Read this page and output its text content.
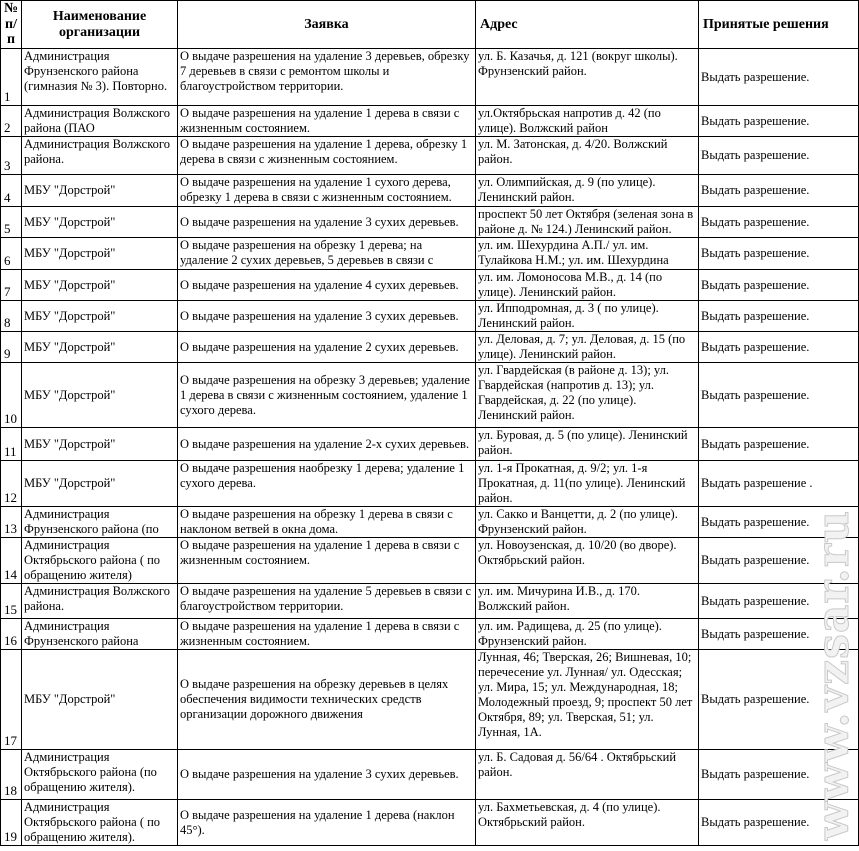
№ п/п	Наименование организации	Заявка	Адрес	Принятые решения
1	Администрация Фрунзенского района (гимназия № 3). Повторно.	О выдаче разрешения на удаление 3 деревьев, обрезку 7 деревьев в связи с ремонтом школы и благоустройством территории.	ул. Б. Казачья, д. 121 (вокруг школы). Фрунзенский район.	Выдать разрешение.
2	Администрация Волжского района (ПАО	О выдаче разрешения на удаление 1 дерева в связи с жизненным состоянием.	ул.Октябрьская напротив д. 42 (по улице). Волжский район	Выдать разрешение.
3	Администрация Волжского района.	О выдаче разрешения на удаление 1 дерева, обрезку 1 дерева в связи с жизненным состоянием.	ул. М. Затонская, д. 4/20. Волжский район.	Выдать разрешение.
4	МБУ "Дорстрой"	О выдаче разрешения на удаление 1 сухого дерева, обрезку 1 дерева в связи с жизненным состоянием.	ул. Олимпийская, д. 9 (по улице). Ленинский район.	Выдать разрешение.
5	МБУ "Дорстрой"	О выдаче разрешения на удаление 3 сухих деревьев.	проспект 50 лет Октября (зеленая зона в районе д. № 124.) Ленинский район.	Выдать разрешение.
6	МБУ "Дорстрой"	О выдаче разрешения на обрезку 1 дерева; на удаление 2 сухих деревьев, 5 деревьев в связи с	ул. им. Шехурдина А.П./ ул. им. Тулайкова Н.М.; ул. им. Шехурдина	Выдать разрешение.
7	МБУ "Дорстрой"	О выдаче разрешения на удаление 4 сухих деревьев.	ул. им. Ломоносова М.В., д. 14 (по улице). Ленинский район.	Выдать разрешение.
8	МБУ "Дорстрой"	О выдаче разрешения на удаление 3 сухих деревьев.	ул. Ипподромная, д. 3 ( по улице). Ленинский район.	Выдать разрешение.
9	МБУ "Дорстрой"	О выдаче разрешения на удаление 2 сухих деревьев.	ул. Деловая, д. 7; ул. Деловая, д. 15 (по улице). Ленинский район.	Выдать разрешение.
10	МБУ "Дорстрой"	О выдаче разрешения на обрезку 3 деревьев; удаление 1 дерева в связи с жизненным состоянием, удаление 1 сухого дерева.	ул. Гвардейская (в районе д. 13); ул. Гвардейская (напротив д. 13); ул. Гвардейская, д. 22 (по улице). Ленинский район.	Выдать разрешение.
11	МБУ "Дорстрой"	О выдаче разрешения на удаление 2-х сухих деревьев.	ул. Буровая, д. 5 (по улице). Ленинский район.	Выдать разрешение.
12	МБУ "Дорстрой"	О выдаче разрешения наобрезку 1 дерева; удаление 1 сухого дерева.	ул. 1-я Прокатная, д. 9/2; ул. 1-я Прокатная, д. 11(по улице). Ленинский район.	Выдать разрешение .
13	Администрация Фрунзенского района (по	О выдаче разрешения на обрезку 1 дерева в связи с наклоном ветвей в окна дома.	ул. Сакко и Ванцетти, д. 2 (по улице). Фрунзенский район.	Выдать разрешение.
14	Администрация Октябрьского района ( по обращению жителя)	О выдаче разрешения на удаление 1 дерева в связи с жизненным состоянием.	ул. Новоузенская, д. 10/20 (во дворе). Октябрьский район.	Выдать разрешение.
15	Администрация Волжского района.	О выдаче разрешения на удаление 5 деревьев в связи с благоустройством территории.	ул. им. Мичурина И.В., д. 170. Волжский район.	Выдать разрешение.
16	Администрация Фрунзенского района	О выдаче разрешения на удаление 1 дерева в связи с жизненным состоянием.	ул. им. Радищева, д. 25 (по улице). Фрунзенский район.	Выдать разрешение.
17	МБУ "Дорстрой"	О выдаче разрешения на обрезку деревьев в целях обеспечения видимости технических средств организации дорожного движения	Лунная, 46; Тверская, 26; Вишневая, 10; перечесение ул. Лунная/ ул. Одесская; ул. Мира, 15; ул. Международная, 18; Молодежный проезд, 9; проспект 50 лет Октября, 89; ул. Тверская, 51; ул. Лунная, 1А.	Выдать разрешение.
18	Администрация Октябрьского района (по обращению жителя).	О выдаче разрешения на удаление 3 сухих деревьев.	ул. Б. Садовая д. 56/64 . Октябрьский район.	Выдать разрешение.
19	Администрация Октябрьского района ( по обращению жителя).	О выдаче разрешения на удаление 1 дерева (наклон 45°).	ул. Бахметьевская, д. 4 (по улице). Октябрьский район.	Выдать разрешение.
www.vzsar.ru
